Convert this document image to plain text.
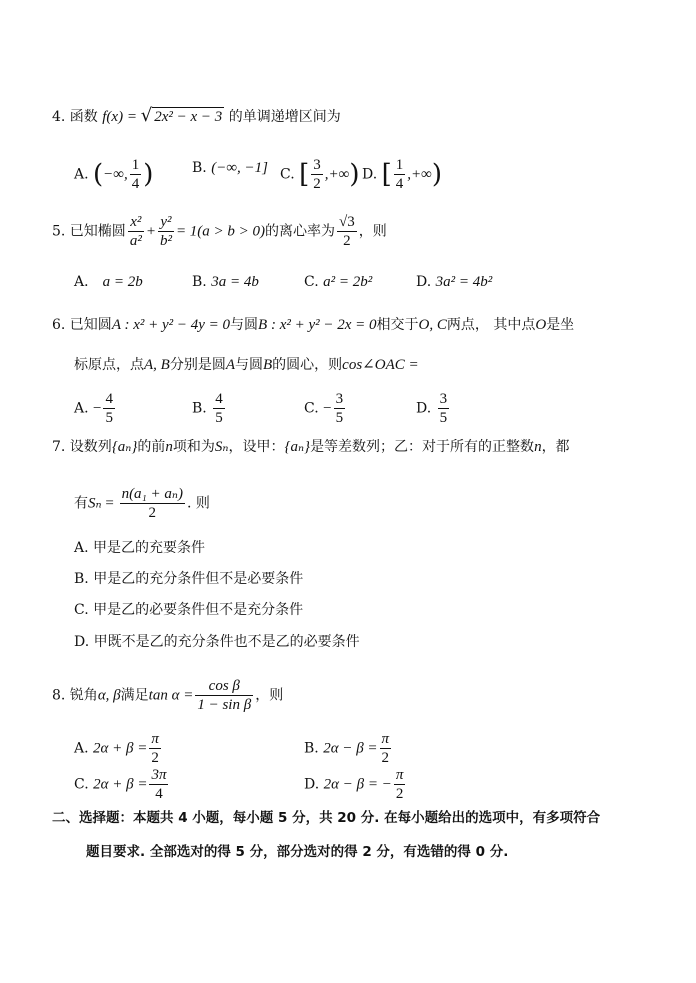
4. 函数 f(x) = √ 2x² − x − 3 的单调递增区间为
A. (−∞, $\frac{1}{4}$ )	B. (−∞, −1] C. [ $\frac{3}{2}$ ,+∞) D. [ $\frac{1}{4}$ ,+∞)
5. 已知椭圆 $\frac{\text{x²}}{\text{a²}} + \frac{\text{y²}}{\text{b²}} = 1(a > b > 0)$的离心率为 $\frac{√3}{2}$ ，则
A． a = 2b	B. 3a = 4b	C. a² = 2b²	D. 3a² = 4b²
6. 已知圆A : x² + y² − 4y = 0与圆B : x² + y² − 2x = 0相交于O, C两点， 其中点O是坐
标原点，点A, B分别是圆A与圆B的圆心，则cos∠OAC =
A. − $\frac{4}{5}$	B. $\frac{4}{5}$	C. − $\frac{3}{5}$	D. $\frac{3}{5}$
7. 设数列{aₙ}的前n项和为Sₙ，设甲：{aₙ}是等差数列；乙：对于所有的正整数n，都
有$S_n = \frac{\text{n(a₁ + aₙ)}}{2}$ . 则
A. 甲是乙的充要条件
B. 甲是乙的充分条件但不是必要条件
C. 甲是乙的必要条件但不是充分条件
D. 甲既不是乙的充分条件也不是乙的必要条件
8. 锐角α, β满足$\tan \alpha = \frac{\text{cos β}}{\text{1 − sin β}}$ ，则
A. $2\alpha + \beta = \frac{\pi}{2}$	B. $2\alpha - \beta = \frac{\pi}{2}$
C. $2\alpha + \beta = \frac{3\pi}{4}$	D. 2α − β = − $\frac{\pi}{2}$
二、选择题：本题共 4 小题，每小题 5 分，共 20 分. 在每小题给出的选项中，有多项符合
题目要求. 全部选对的得 5 分，部分选对的得 2 分，有选错的得 0 分.
